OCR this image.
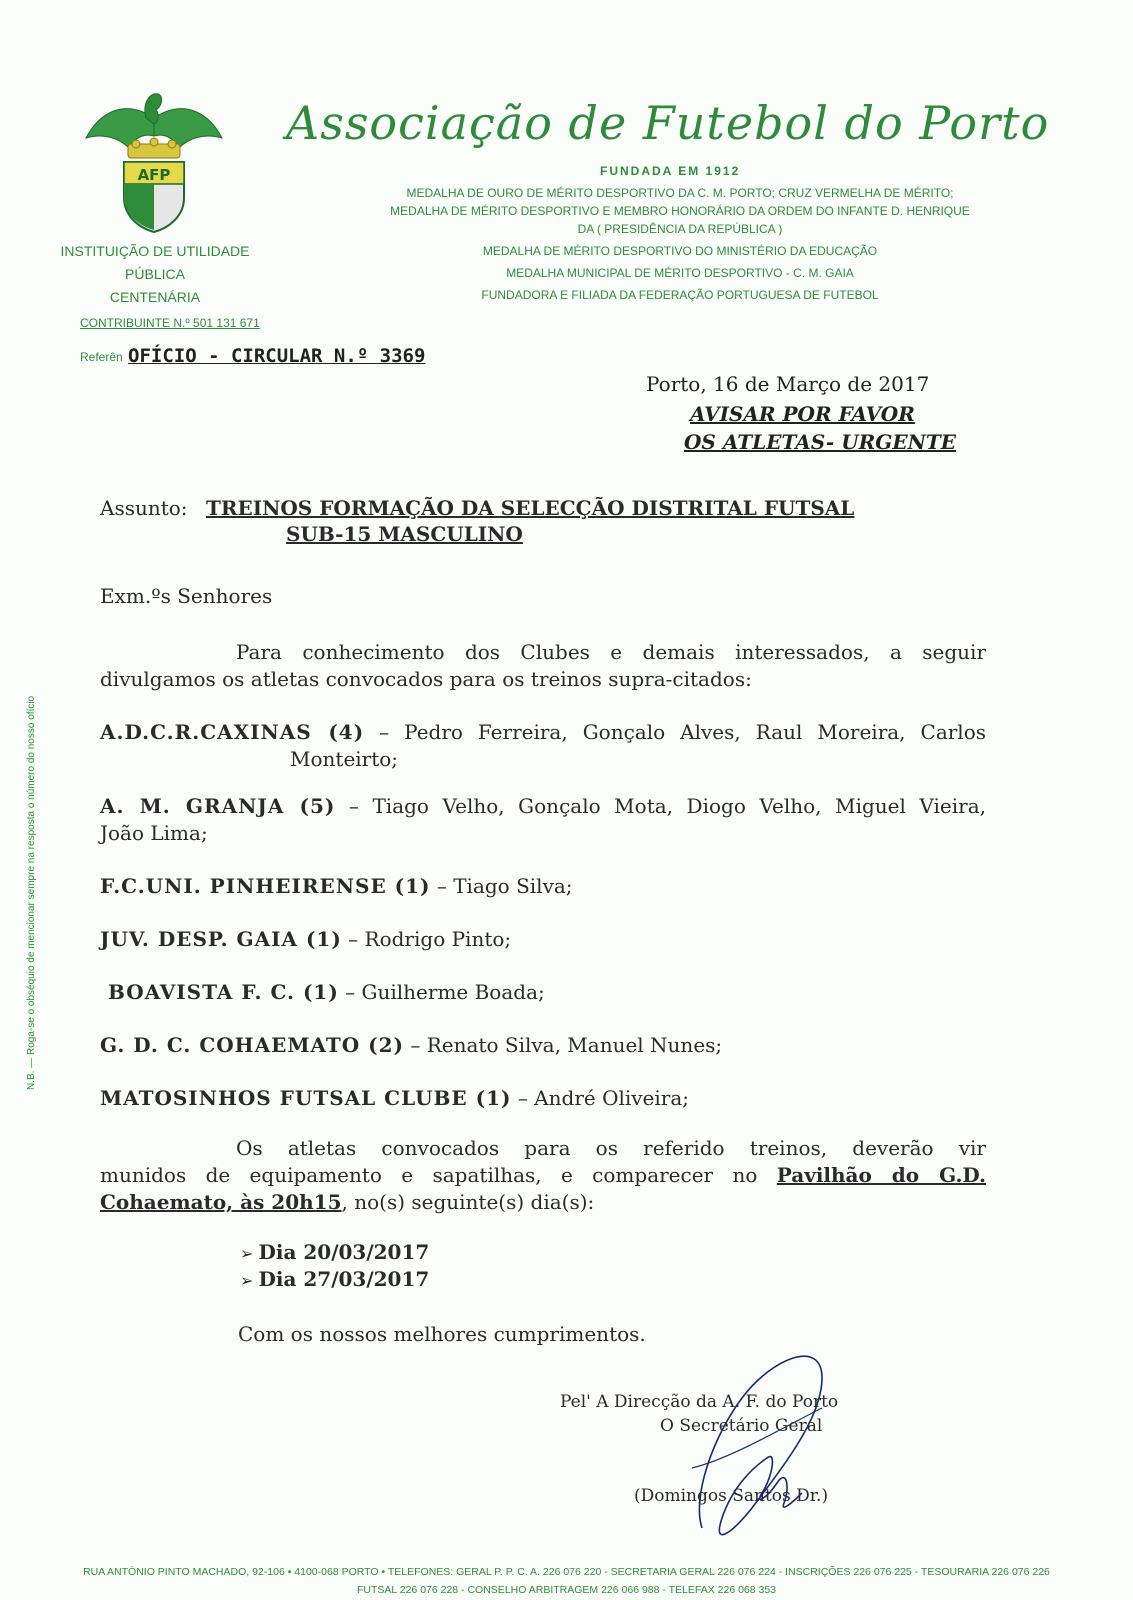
AFP
INSTITUIÇÃO DE UTILIDADE PÚBLICA
CENTENÁRIA
Associação de Futebol do Porto
FUNDADA EM 1912
MEDALHA DE OURO DE MÉRITO DESPORTIVO DA C. M. PORTO; CRUZ VERMELHA DE MÉRITO;
MEDALHA DE MÉRITO DESPORTIVO E MEMBRO HONORÁRIO DA ORDEM DO INFANTE D. HENRIQUE
DA ( PRESIDÊNCIA DA REPÚBLICA )
MEDALHA DE MÉRITO DESPORTIVO DO MINISTÉRIO DA EDUCAÇÃO
MEDALHA MUNICIPAL DE MÉRITO DESPORTIVO - C. M. GAIA
FUNDADORA E FILIADA DA FEDERAÇÃO PORTUGUESA DE FUTEBOL
CONTRIBUINTE N.º 501 131 671
Referên OFÍCIO - CIRCULAR N.º 3369
Porto, 16 de Março de 2017
AVISAR POR FAVOR
OS ATLETAS- URGENTE
Assunto: TREINOS FORMAÇÃO DA SELECÇÃO DISTRITAL FUTSAL
SUB-15 MASCULINO
Exm.ºs Senhores
Para conhecimento dos Clubes e demais interessados, a seguir
divulgamos os atletas convocados para os treinos supra-citados:
A.D.C.R.CAXINAS (4) – Pedro Ferreira, Gonçalo Alves, Raul Moreira, Carlos
Monteirto;
A. M. GRANJA (5) – Tiago Velho, Gonçalo Mota, Diogo Velho, Miguel Vieira,
João Lima;
F.C.UNI. PINHEIRENSE (1) – Tiago Silva;
JUV. DESP. GAIA (1) – Rodrigo Pinto;
BOAVISTA F. C. (1) – Guilherme Boada;
G. D. C. COHAEMATO (2) – Renato Silva, Manuel Nunes;
MATOSINHOS FUTSAL CLUBE (1) – André Oliveira;
Os atletas convocados para os referido treinos, deverão vir
munidos de equipamento e sapatilhas, e comparecer no Pavilhão do G.D.
Cohaemato, às 20h15, no(s) seguinte(s) dia(s):
➢ Dia 20/03/2017
➢ Dia 27/03/2017
Com os nossos melhores cumprimentos.
Pel' A Direcção da A. F. do Porto
O Secretário Geral
(Domingos Santos Dr.)
N.B. — Roga-se o obséquio de mencionar sempre na resposta o número do nosso ofício
RUA ANTÓNIO PINTO MACHADO, 92-106 • 4100-068 PORTO • TELEFONES: GERAL P. P. C. A. 226 076 220 - SECRETARIA GERAL 226 076 224 - INSCRIÇÕES 226 076 225 - TESOURARIA 226 076 226
FUTSAL 226 076 228 - CONSELHO ARBITRAGEM 226 066 988 - TELEFAX 226 068 353
